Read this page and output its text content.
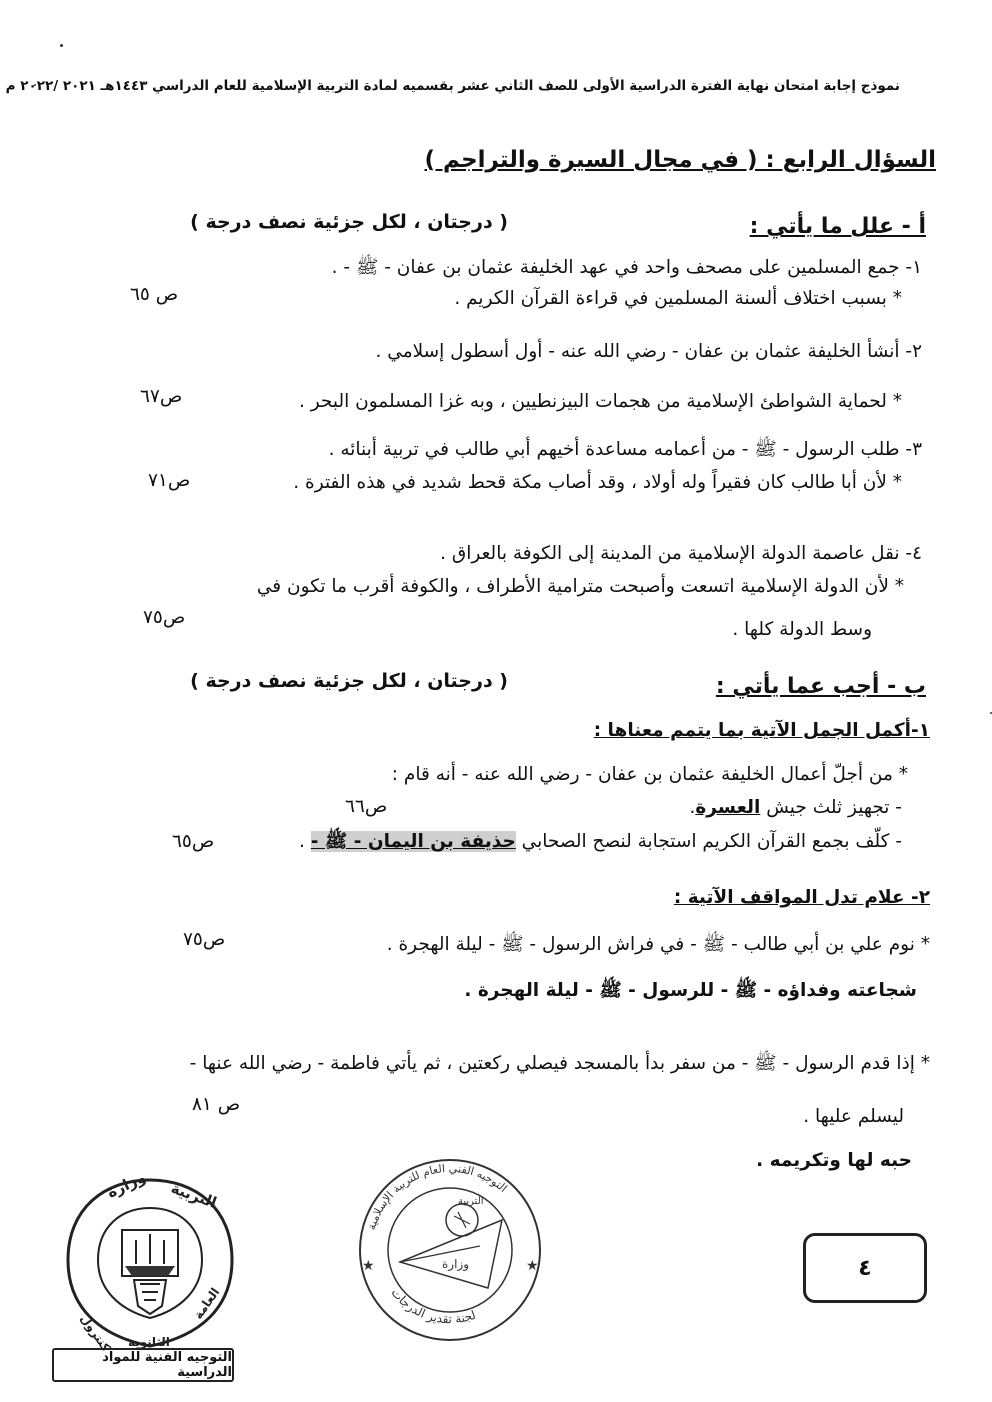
نموذج إجابة امتحان نهاية الفترة الدراسية الأولى للصف الثاني عشر بقسميه لمادة التربية الإسلامية للعام الدراسي ١٤٤٣هـ ٢٠٢١ /٢٠٢٢ م
السؤال الرابع : ( في مجال السيرة والتراجم )
أ - علل ما يأتي :
( درجتان ، لكل جزئية نصف درجة )
١- جمع المسلمين على مصحف واحد في عهد الخليفة عثمان بن عفان - ﷺ - .
* بسبب اختلاف ألسنة المسلمين في قراءة القرآن الكريم .
ص ٦٥
٢- أنشأ الخليفة عثمان بن عفان - رضي الله عنه - أول أسطول إسلامي .
* لحماية الشواطئ الإسلامية من هجمات البيزنطيين ، وبه غزا المسلمون البحر .
ص٦٧
٣- طلب الرسول - ﷺ - من أعمامه مساعدة أخيهم أبي طالب في تربية أبنائه .
* لأن أبا طالب كان فقيراً وله أولاد ، وقد أصاب مكة قحط شديد في هذه الفترة .
ص٧١
٤- نقل عاصمة الدولة الإسلامية من المدينة إلى الكوفة بالعراق .
* لأن الدولة الإسلامية اتسعت وأصبحت مترامية الأطراف ، والكوفة أقرب ما تكون في
وسط الدولة كلها .
ص٧٥
ب - أجب عما يأتي :
( درجتان ، لكل جزئية نصف درجة )
١-أكمل الجمل الآتية بما يتمم معناها :
* من أجلّ أعمال الخليفة عثمان بن عفان - رضي الله عنه - أنه قام :
- تجهيز ثلث جيش العسرة.
ص٦٦
- كلّف بجمع القرآن الكريم استجابة لنصح الصحابي حذيفة بن اليمان - ﷺ - .
ص٦٥
٢- علام تدل المواقف الآتية :
* نوم علي بن أبي طالب - ﷺ - في فراش الرسول - ﷺ - ليلة الهجرة .
ص٧٥
شجاعته وفداؤه - ﷺ - للرسول - ﷺ - ليلة الهجرة .
* إذا قدم الرسول - ﷺ - من سفر بدأ بالمسجد فيصلي ركعتين ، ثم يأتي فاطمة - رضي الله عنها -
ليسلم عليها .
ص ٨١
حبه لها وتكريمه .
٤
وزارة التربية
كنترول الثانوية
العامة
التوجيه الفنية للمواد الدراسية
التوجيه الفني العام للتربية الإسلامية
لجنة تقدير الدرجات
وزارة
التربية
★	★
